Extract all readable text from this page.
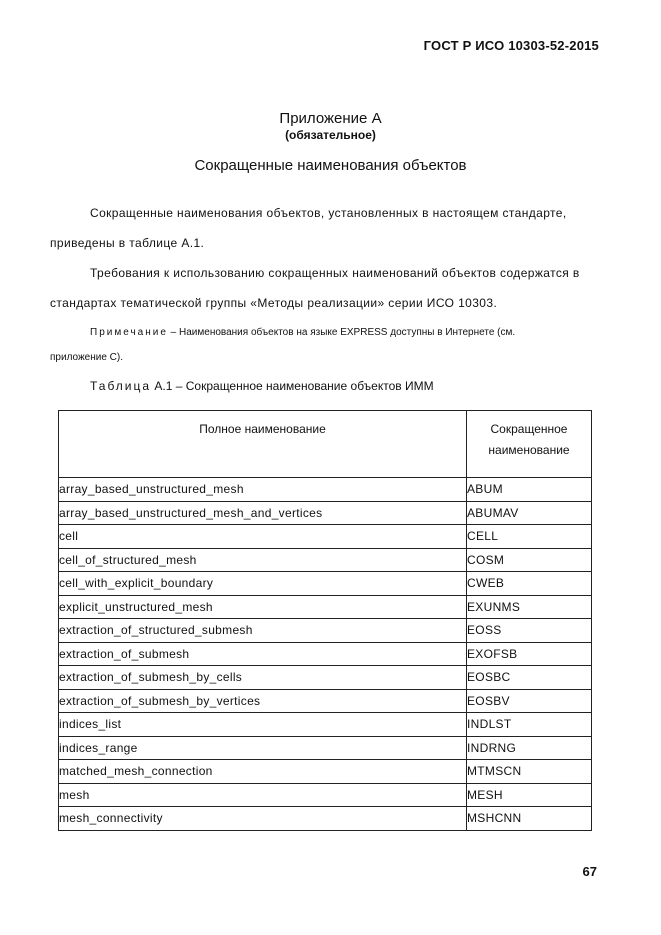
ГОСТ Р ИСО 10303-52-2015
Приложение А
(обязательное)
Сокращенные наименования объектов
Сокращенные наименования объектов, установленных в настоящем стандарте,
приведены в таблице А.1.
Требования к использованию сокращенных наименований объектов содержатся в
стандартах тематической группы «Методы реализации» серии ИСО 10303.
Примечание – Наименования объектов на языке EXPRESS доступны в Интернете (см.
приложение С).
Таблица А.1 – Сокращенное наименование объектов ИММ
Полное наименование	Сокращенное
наименование
array_based_unstructured_mesh	ABUM
array_based_unstructured_mesh_and_vertices	ABUMAV
cell	CELL
cell_of_structured_mesh	COSM
cell_with_explicit_boundary	CWEB
explicit_unstructured_mesh	EXUNMS
extraction_of_structured_submesh	EOSS
extraction_of_submesh	EXOFSB
extraction_of_submesh_by_cells	EOSBC
extraction_of_submesh_by_vertices	EOSBV
indices_list	INDLST
indices_range	INDRNG
matched_mesh_connection	MTMSCN
mesh	MESH
mesh_connectivity	MSHCNN
67
